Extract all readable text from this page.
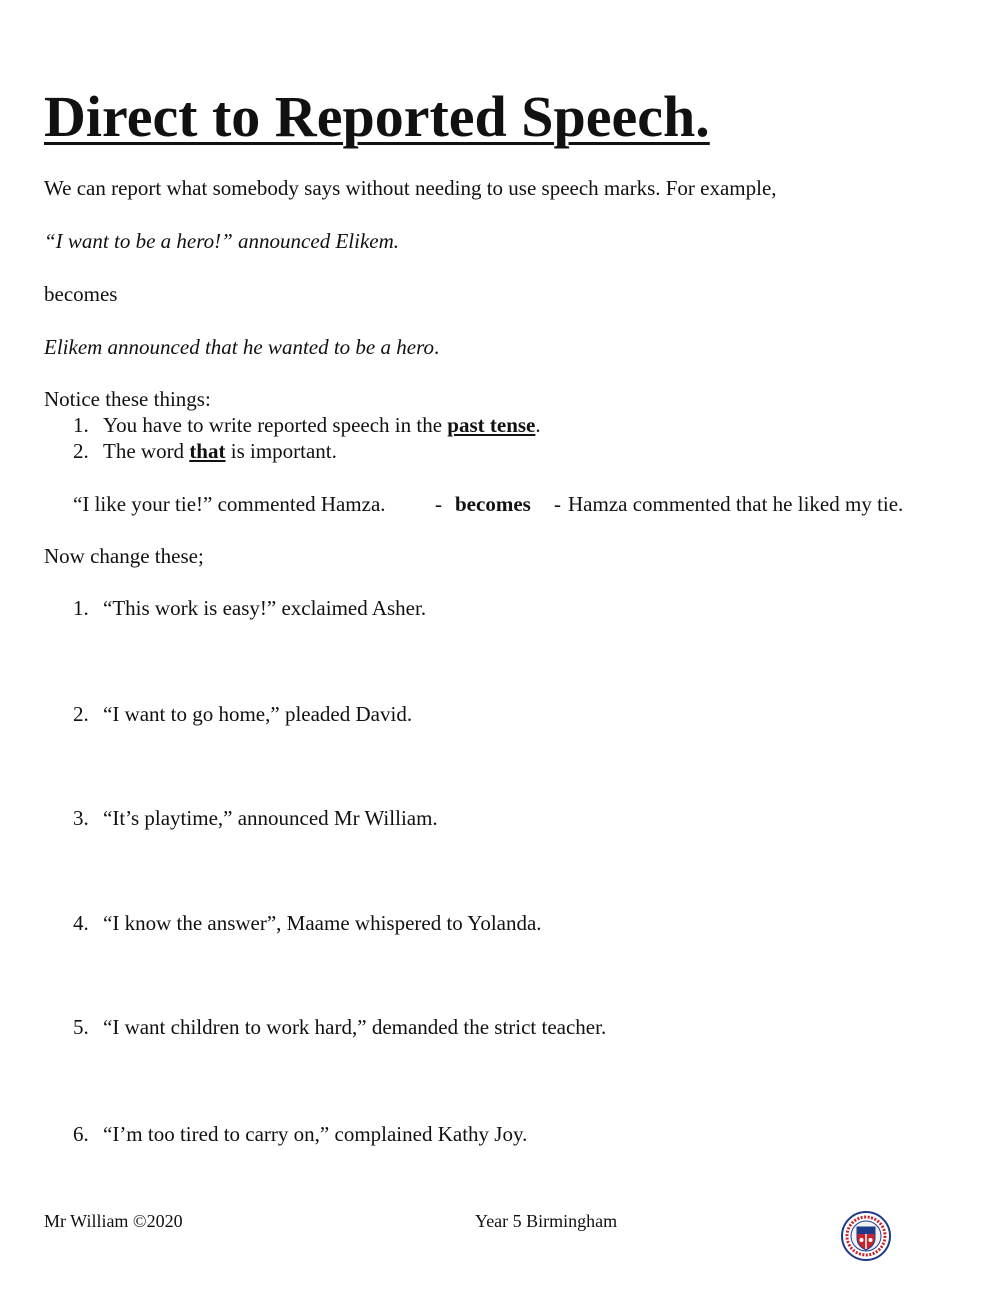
Direct to Reported Speech.
We can report what somebody says without needing to use speech marks. For example,
“I want to be a hero!” announced Elikem.
becomes
Elikem announced that he wanted to be a hero.
Notice these things:
1. You have to write reported speech in the past tense.
2. The word that is important.
“I like your tie!” commented Hamza. - becomes - Hamza commented that he liked my tie.
Now change these;
1. “This work is easy!” exclaimed Asher.
2. “I want to go home,” pleaded David.
3. “It’s playtime,” announced Mr William.
4. “I know the answer”, Maame whispered to Yolanda.
5. “I want children to work hard,” demanded the strict teacher.
6. “I’m too tired to carry on,” complained Kathy Joy.
Mr William ©2020	Year 5 Birmingham
